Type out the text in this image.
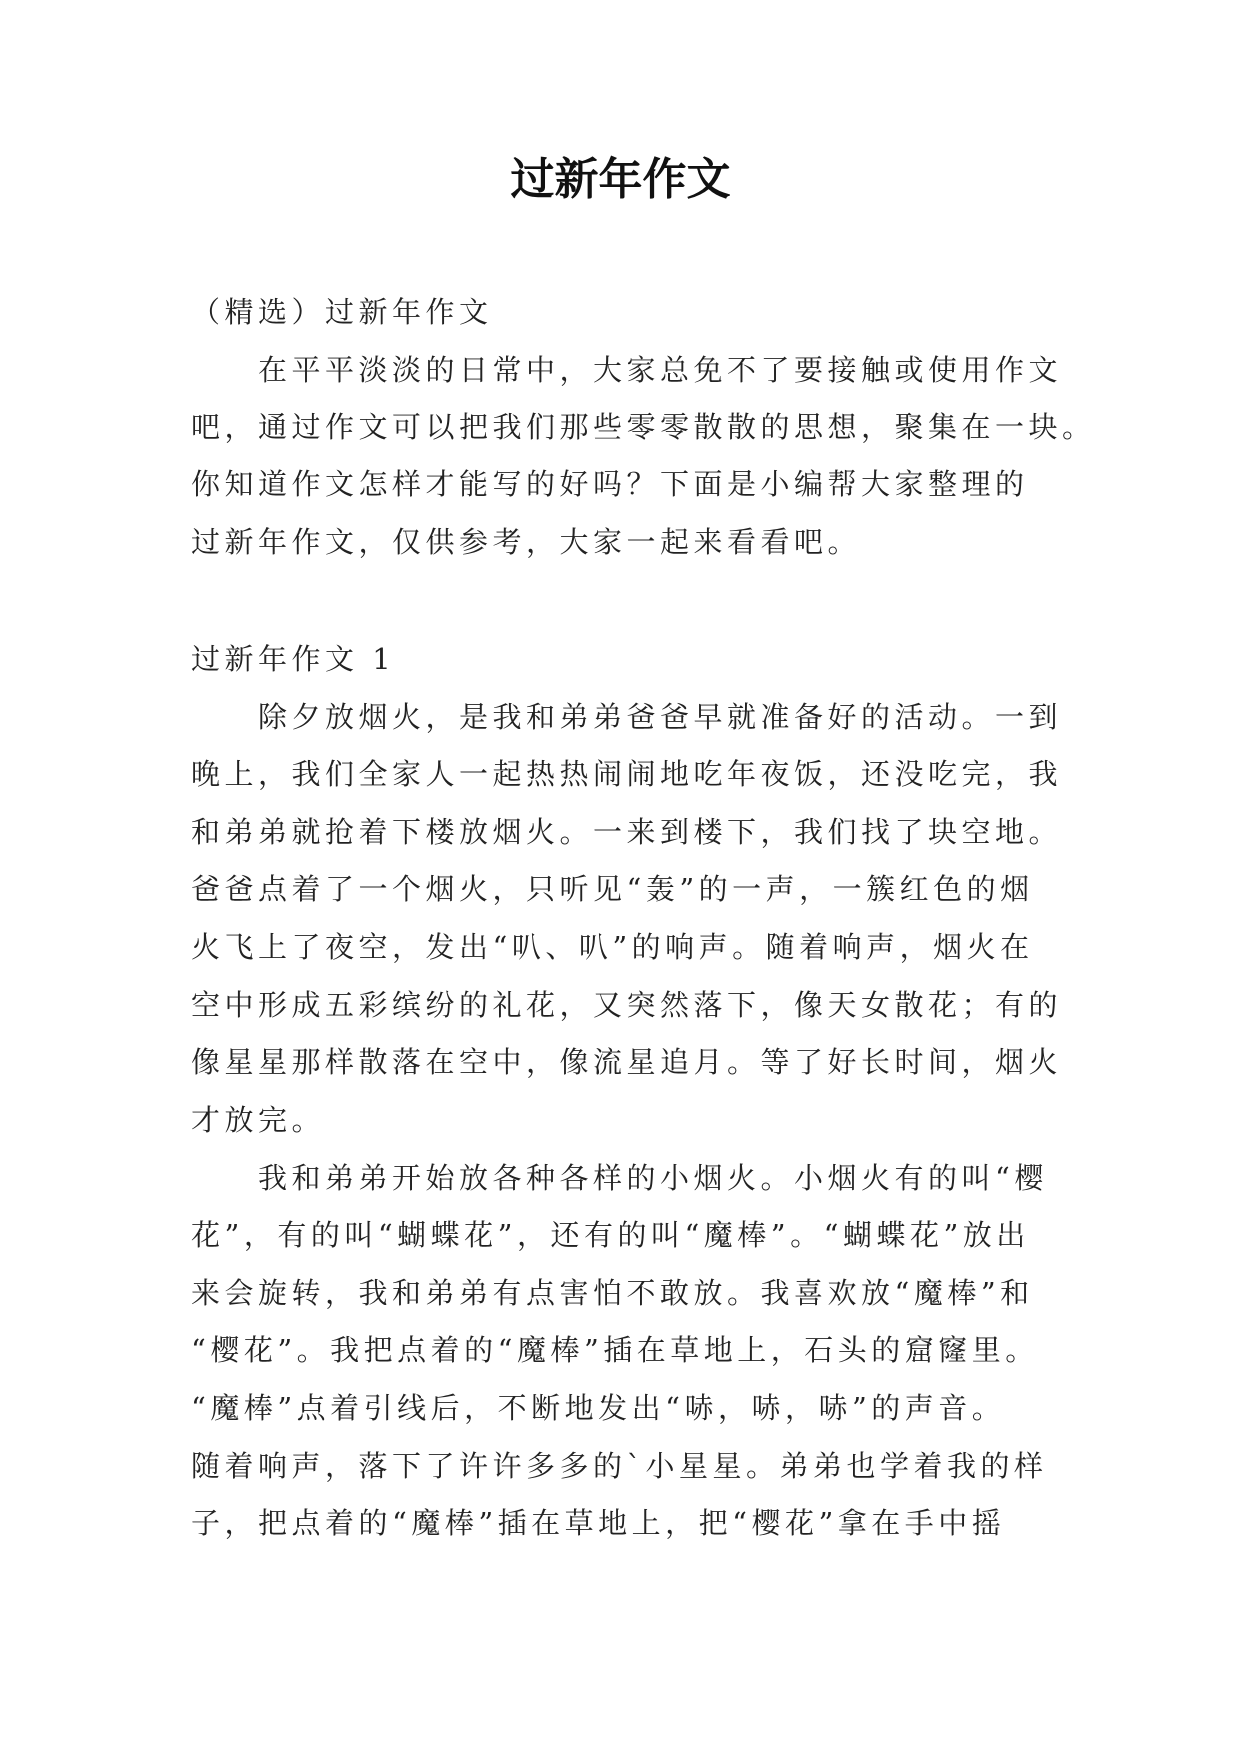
过新年作文

（精选）过新年作文

在平平淡淡的日常中，大家总免不了要接触或使用作文

吧，通过作文可以把我们那些零零散散的思想，聚集在一块。

你知道作文怎样才能写的好吗？下面是小编帮大家整理的

过新年作文，仅供参考，大家一起来看看吧。

过新年作文 1

除夕放烟火，是我和弟弟爸爸早就准备好的活动。一到

晚上，我们全家人一起热热闹闹地吃年夜饭，还没吃完，我

和弟弟就抢着下楼放烟火。一来到楼下，我们找了块空地。

爸爸点着了一个烟火，只听见“轰”的一声，一簇红色的烟

火飞上了夜空，发出“叭、叭”的响声。随着响声，烟火在

空中形成五彩缤纷的礼花，又突然落下，像天女散花；有的

像星星那样散落在空中，像流星追月。等了好长时间，烟火

才放完。

我和弟弟开始放各种各样的小烟火。小烟火有的叫“樱

花”，有的叫“蝴蝶花”，还有的叫“魔棒”。“蝴蝶花”放出

来会旋转，我和弟弟有点害怕不敢放。我喜欢放“魔棒”和

“樱花”。我把点着的“魔棒”插在草地上，石头的窟窿里。

“魔棒”点着引线后，不断地发出“哧，哧，哧”的声音。

随着响声，落下了许许多多的`小星星。弟弟也学着我的样

子，把点着的“魔棒”插在草地上，把“樱花”拿在手中摇
